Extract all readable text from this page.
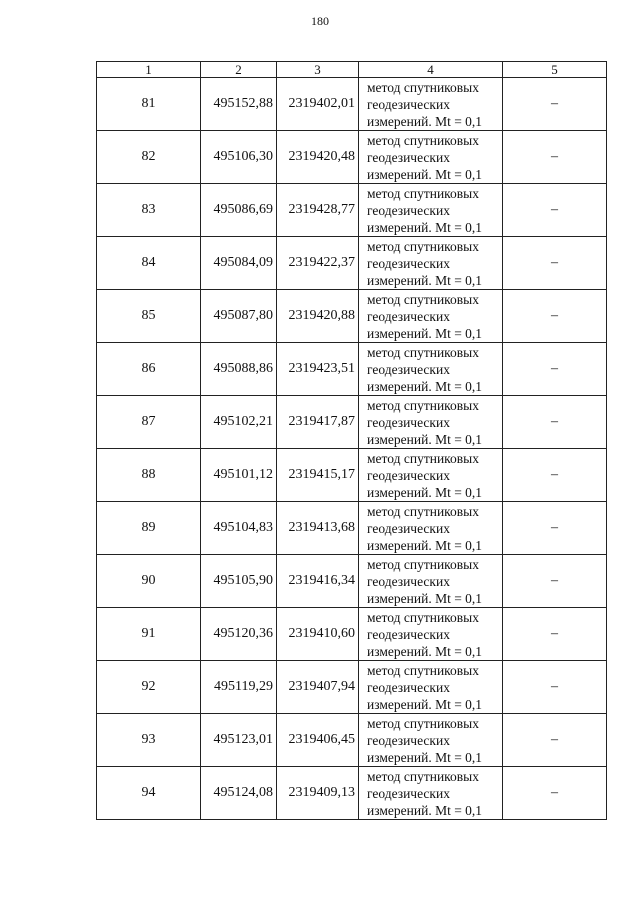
180
1	2	3	4	5
81	495152,88	2319402,01	метод спутниковых
геодезических
измерений. Mt = 0,1	–
82	495106,30	2319420,48	метод спутниковых
геодезических
измерений. Mt = 0,1	–
83	495086,69	2319428,77	метод спутниковых
геодезических
измерений. Mt = 0,1	–
84	495084,09	2319422,37	метод спутниковых
геодезических
измерений. Mt = 0,1	–
85	495087,80	2319420,88	метод спутниковых
геодезических
измерений. Mt = 0,1	–
86	495088,86	2319423,51	метод спутниковых
геодезических
измерений. Mt = 0,1	–
87	495102,21	2319417,87	метод спутниковых
геодезических
измерений. Mt = 0,1	–
88	495101,12	2319415,17	метод спутниковых
геодезических
измерений. Mt = 0,1	–
89	495104,83	2319413,68	метод спутниковых
геодезических
измерений. Mt = 0,1	–
90	495105,90	2319416,34	метод спутниковых
геодезических
измерений. Mt = 0,1	–
91	495120,36	2319410,60	метод спутниковых
геодезических
измерений. Mt = 0,1	–
92	495119,29	2319407,94	метод спутниковых
геодезических
измерений. Mt = 0,1	–
93	495123,01	2319406,45	метод спутниковых
геодезических
измерений. Mt = 0,1	–
94	495124,08	2319409,13	метод спутниковых
геодезических
измерений. Mt = 0,1	–
